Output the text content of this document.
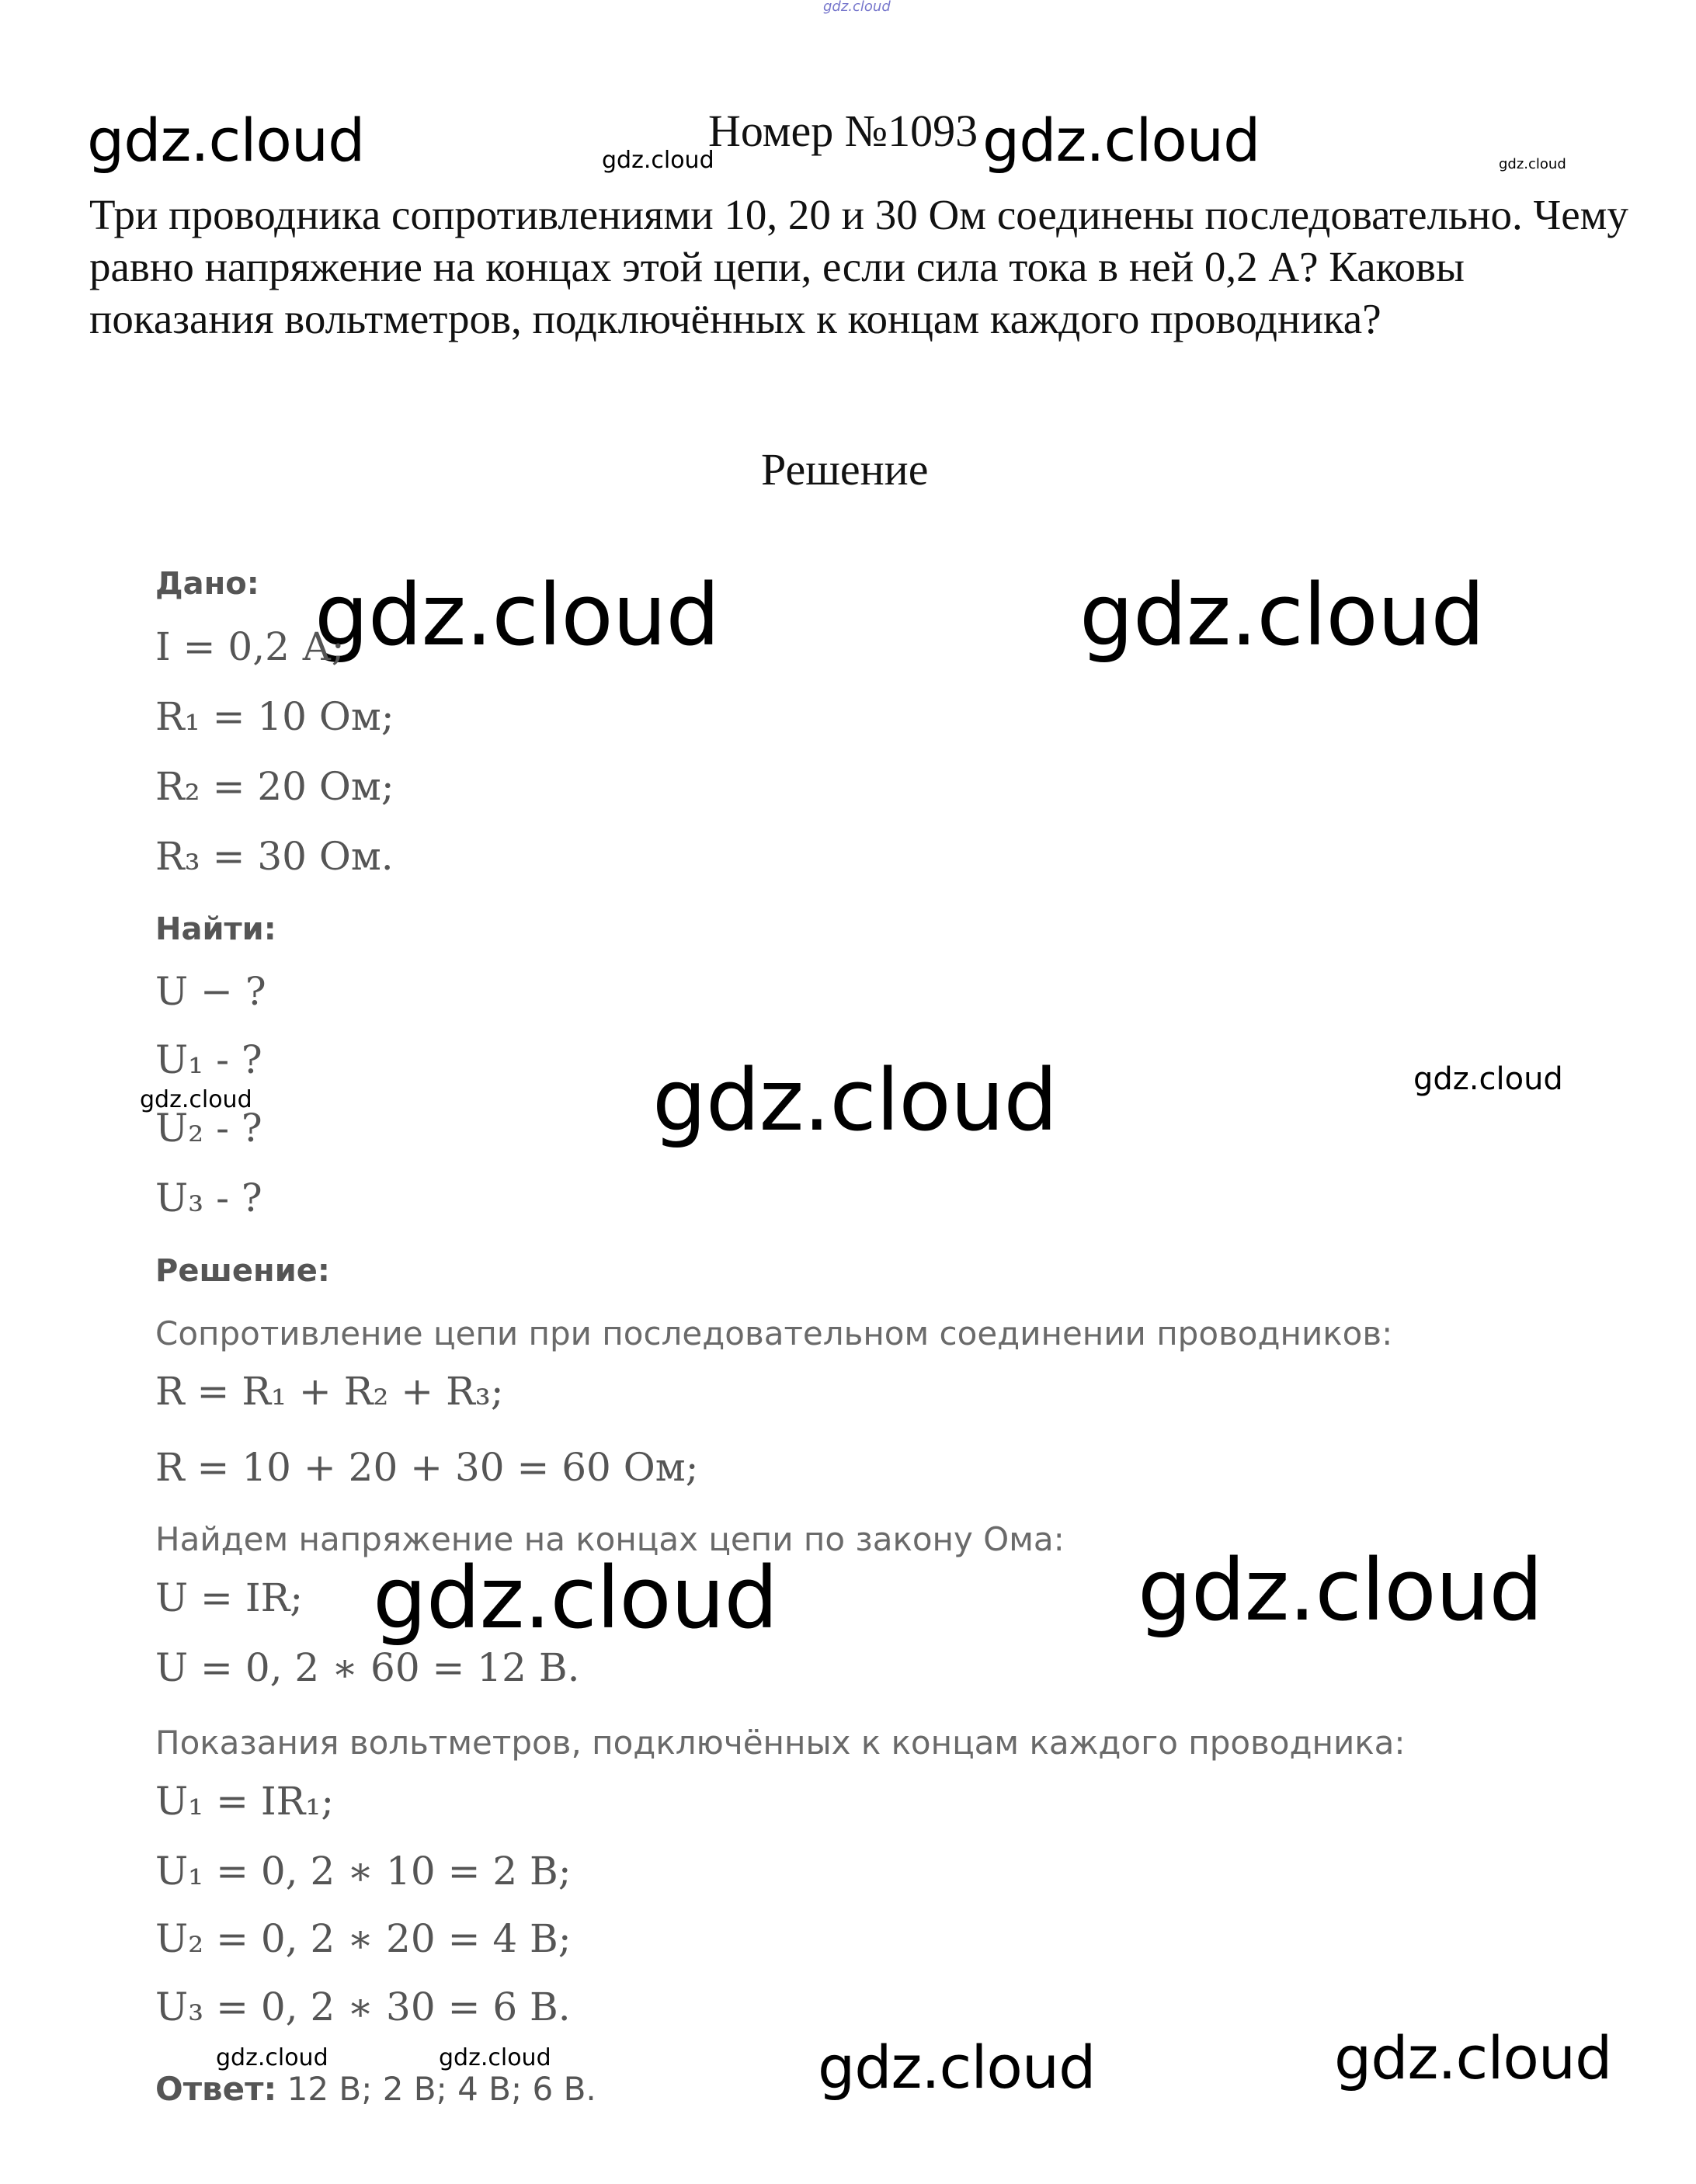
gdz.cloud
gdz.cloud	gdz.cloud	gdz.cloud	gdz.cloud
gdz.cloud	gdz.cloud
gdz.cloud	gdz.cloud
gdz.cloud
gdz.cloud	gdz.cloud
gdz.cloud	gdz.cloud	gdz.cloud	gdz.cloud
Номер №1093
Три проводника сопротивлениями 10, 20 и 30 Ом соединены последовательно. Чему равно напряжение на концах этой цепи, если сила тока в ней 0,2 А? Каковы показания вольтметров, подключённых к концам каждого проводника?
Решение
Дано:
I = 0,2 А;
R₁ = 10 Ом;
R₂ = 20 Ом;
R₃ = 30 Ом.
Найти:
U − ?
U₁ - ?
U₂ - ?
U₃ - ?
Решение:
Сопротивление цепи при последовательном соединении проводников:
R = R₁ + R₂ + R₃;
R = 10 + 20 + 30 = 60 Ом;
Найдем напряжение на концах цепи по закону Ома:
U = IR;
U = 0, 2 ∗ 60 = 12 В.
Показания вольтметров, подключённых к концам каждого проводника:
U₁ = IR₁;
U₁ = 0, 2 ∗ 10 = 2 В;
U₂ = 0, 2 ∗ 20 = 4 В;
U₃ = 0, 2 ∗ 30 = 6 В.
Ответ: 12 В; 2 В; 4 В; 6 В.
